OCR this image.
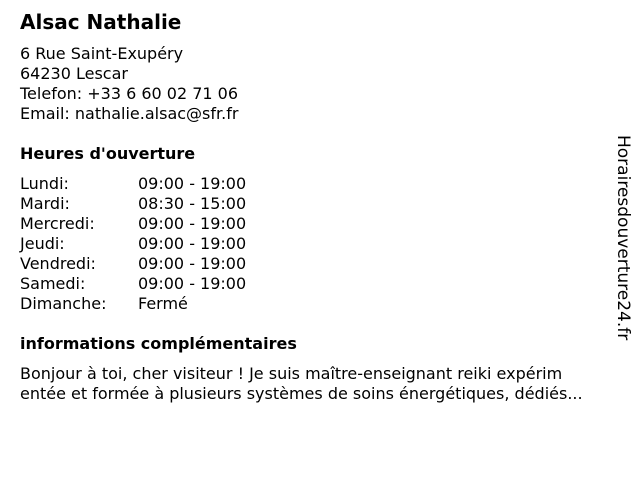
Alsac Nathalie
6 Rue Saint-Exupéry
64230 Lescar
Telefon: +33 6 60 02 71 06
Email: nathalie.alsac@sfr.fr
Heures d'ouverture
Lundi:	09:00 - 19:00
Mardi:	08:30 - 15:00
Mercredi:	09:00 - 19:00
Jeudi:	09:00 - 19:00
Vendredi:	09:00 - 19:00
Samedi:	09:00 - 19:00
Dimanche: Fermé
informations complémentaires
Bonjour à toi, cher visiteur ! Je suis maître-enseignant reiki expérim
entée et formée à plusieurs systèmes de soins énergétiques, dédiés...
Horairesdouverture24.fr
